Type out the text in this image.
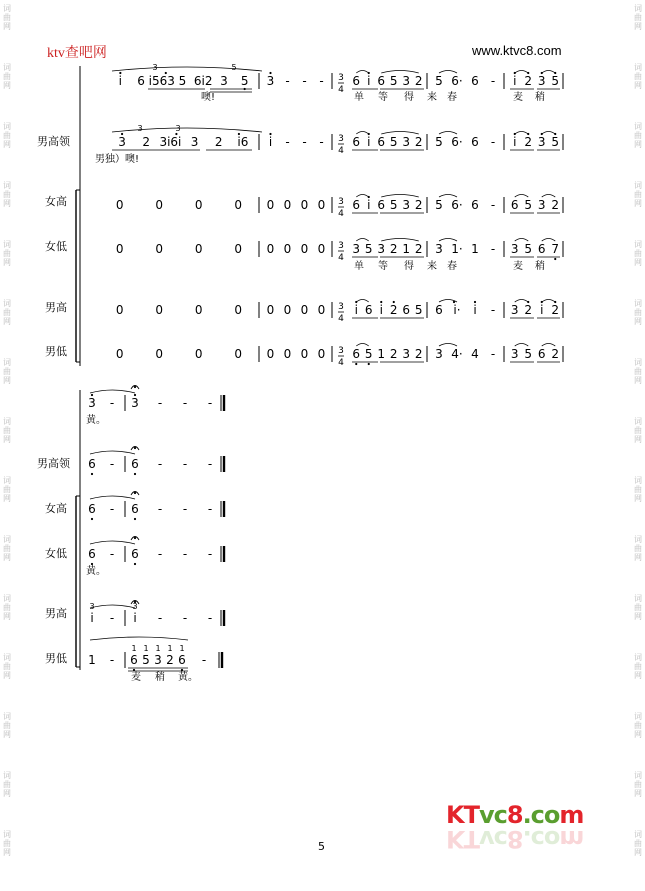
词
曲
网
词
曲
网
词
曲
网
词
曲
网
词
曲
网
词
曲
网
词
曲
网
词
曲
网
词
曲
网
词
曲
网
词
曲
网
词
曲
网
词
曲
网
词
曲
网
词
曲
网
词
曲
网
词
曲
网
词
曲
网
词
曲
网
词
曲
网
词
曲
网
词
曲
网
词
曲
网
词
曲
网
词
曲
网
词
曲
网
词
曲
网
词
曲
网
词
曲
网
词
曲
网
ktv查吧网	www.ktvc8.com
男高领
女高
女低
男高
男低
男高领
女高
女低
男高
男低
3
4
i 6 i563 5 6i2 3 5
3	5
噢!
3 - - - 6 i 6 5 3 2 5 6· 6 - i 2 3 5
单 等 得 来 春	麦 稍
3
4
3 2 3i6i 3 2 i6
3	3
男独）噢!
i - - - 6 i 6 5 3 2 5 6· 6 - i 2 3 5
3
4
0	0	0	0 0 0 0 0 6 i 6 5 3 2 5 6· 6 - 6 5 3 2
3
4
0	0	0	0 0 0 0 0 3 5 3 2 1 2 3 1· 1 - 3 5 6 7
单 等 得 来 春	麦 稍
3
4
0	0	0	0 0 0 0 0 i 6 i 2 6 5 6 i· i - 3 2 i 2
3
4
0	0	0	0 0 0 0 0 6 5 1 2 3 2 3 4· 4 - 3 5 6 2
3 - 3 - - -
黄。
6 - 6 - - -
6 - 6 - - -
6 - 6 - - -
黄。
i - i - - -
3	3
1 - 6 5 3 2 6 -
1 1 1 1 1
麦 稍 黄。
5
KTvc8.com
KTvc8.com
